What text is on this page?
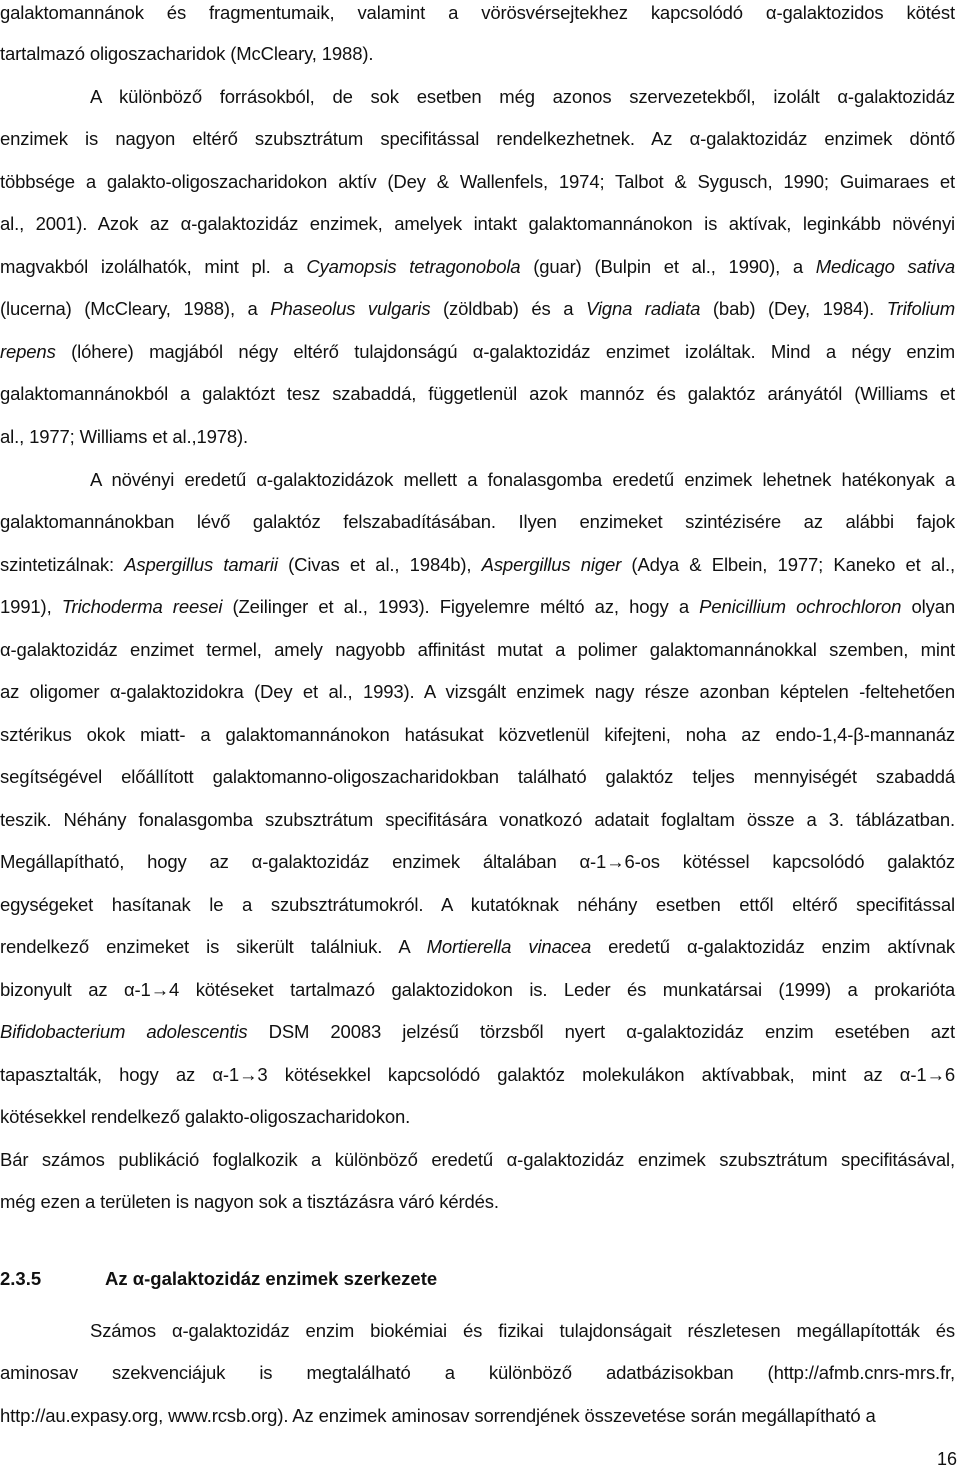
galaktomannánok és fragmentumaik, valamint a vörösvérsejtekhez kapcsolódó α-galaktozidos kötést
tartalmazó oligoszacharidok (McCleary, 1988).
A különböző forrásokból, de sok esetben még azonos szervezetekből, izolált α-galaktozidáz
enzimek is nagyon eltérő szubsztrátum specifitással rendelkezhetnek. Az α-galaktozidáz enzimek döntő
többsége a galakto-oligoszacharidokon aktív (Dey & Wallenfels, 1974; Talbot & Sygusch, 1990; Guimaraes et
al., 2001). Azok az α-galaktozidáz enzimek, amelyek intakt galaktomannánokon is aktívak, leginkább növényi
magvakból izolálhatók, mint pl. a Cyamopsis tetragonobola (guar) (Bulpin et al., 1990), a Medicago sativa
(lucerna) (McCleary, 1988), a Phaseolus vulgaris (zöldbab) és a Vigna radiata (bab) (Dey, 1984). Trifolium
repens (lóhere) magjából négy eltérő tulajdonságú α-galaktozidáz enzimet izoláltak. Mind a négy enzim
galaktomannánokból a galaktózt tesz szabaddá, függetlenül azok mannóz és galaktóz arányától (Williams et
al., 1977; Williams et al.,1978).
A növényi eredetű α-galaktozidázok mellett a fonalasgomba eredetű enzimek lehetnek hatékonyak a
galaktomannánokban lévő galaktóz felszabadításában. Ilyen enzimeket szintézisére az alábbi fajok
szintetizálnak: Aspergillus tamarii (Civas et al., 1984b), Aspergillus niger (Adya & Elbein, 1977; Kaneko et al.,
1991), Trichoderma reesei (Zeilinger et al., 1993). Figyelemre méltó az, hogy a Penicillium ochrochloron olyan
α-galaktozidáz enzimet termel, amely nagyobb affinitást mutat a polimer galaktomannánokkal szemben, mint
az oligomer α-galaktozidokra (Dey et al., 1993). A vizsgált enzimek nagy része azonban képtelen -feltehetően
sztérikus okok miatt- a galaktomannánokon hatásukat közvetlenül kifejteni, noha az endo-1,4-β-mannanáz
segítségével előállított galaktomanno-oligoszacharidokban található galaktóz teljes mennyiségét szabaddá
teszik. Néhány fonalasgomba szubsztrátum specifitására vonatkozó adatait foglaltam össze a 3. táblázatban.
Megállapítható, hogy az α-galaktozidáz enzimek általában α-1→6-os kötéssel kapcsolódó galaktóz
egységeket hasítanak le a szubsztrátumokról. A kutatóknak néhány esetben ettől eltérő specifitással
rendelkező enzimeket is sikerült találniuk. A Mortierella vinacea eredetű α-galaktozidáz enzim aktívnak
bizonyult az α-1→4 kötéseket tartalmazó galaktozidokon is. Leder és munkatársai (1999) a prokariótа
Bifidobacterium adolescentis DSM 20083 jelzésű törzsből nyert α-galaktozidáz enzim esetében azt
tapasztalták, hogy az α-1→3 kötésekkel kapcsolódó galaktóz molekulákon aktívabbak, mint az α-1→6
kötésekkel rendelkező galakto-oligoszacharidokon.
Bár számos publikáció foglalkozik a különböző eredetű α-galaktozidáz enzimek szubsztrátum specifitásával,
még ezen a területen is nagyon sok a tisztázásra váró kérdés.
2.3.5	Az α-galaktozidáz enzimek szerkezete
Számos α-galaktozidáz enzim biokémiai és fizikai tulajdonságait részletesen megállapították és
aminosav szekvenciájuk is megtalálható a különböző adatbázisokban (http://afmb.cnrs-mrs.fr,
http://au.expasy.org, www.rcsb.org). Az enzimek aminosav sorrendjének összevetése során megállapítható a
16
